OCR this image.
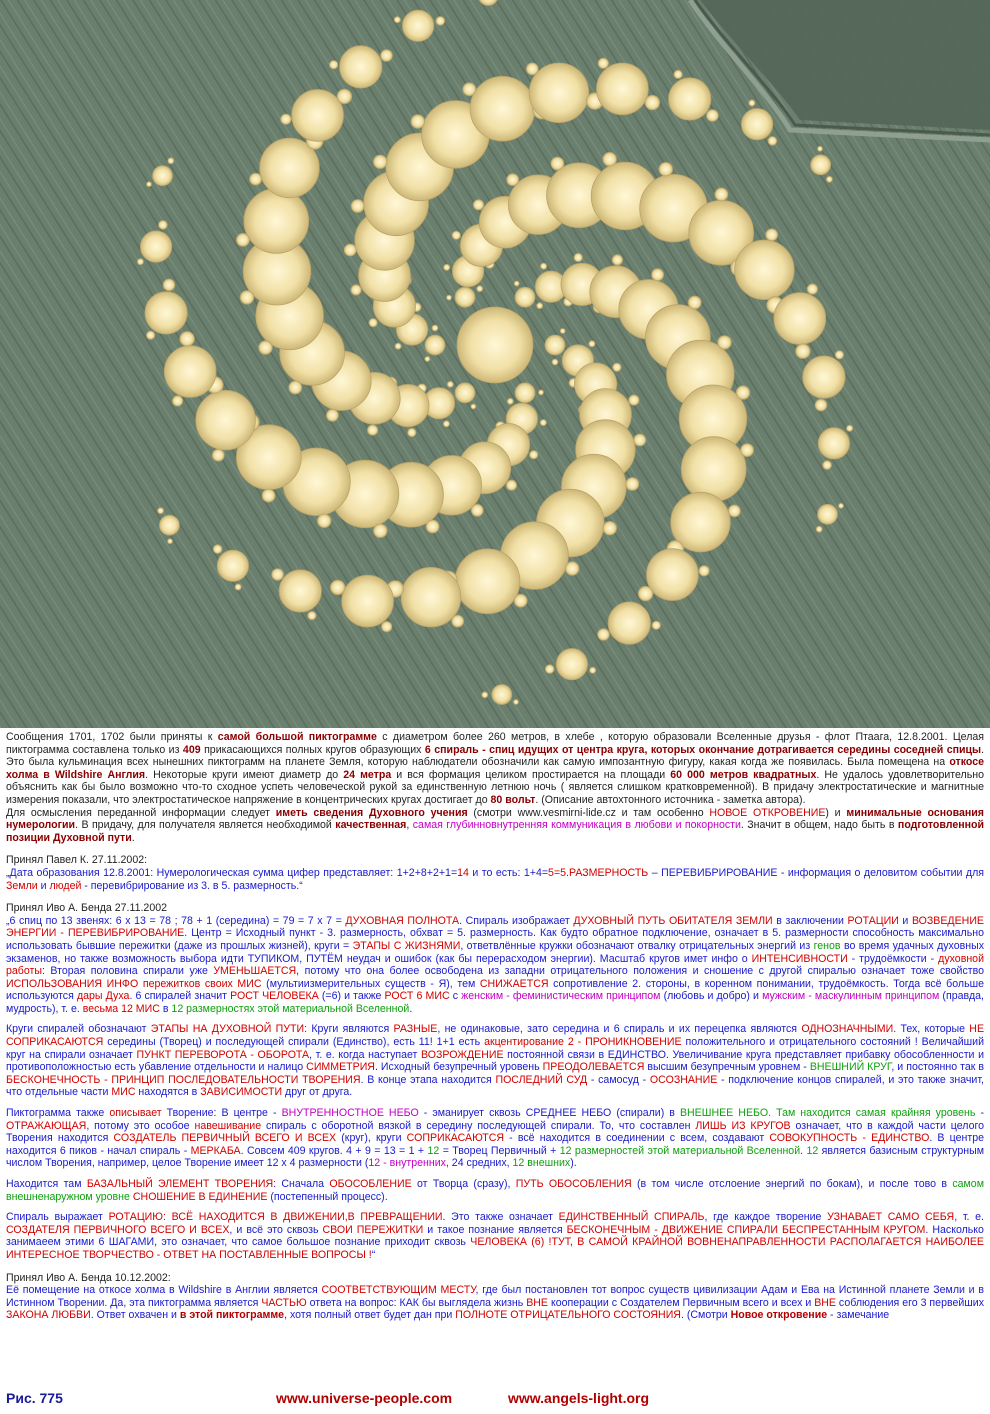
Сообщения 1701, 1702 были приняты к самой большой пиктограмме с диаметром более 260 метров, в хлебе , которую образовали Вселенные друзья - флот Птаага, 12.8.2001. Целая пиктограмма составлена только из 409 прикасающихся полных кругов образующих 6 спираль - спиц идущих от центра круга, которых окончание дотрагивается середины соседней спицы. Это была кульминация всех нынешних пиктограмм на планете Земля, которую наблюдатели обозначили как самую импозантную фигуру, какая когда же появилась. Была помещена на откосе холма в Wildshire Англия. Некоторые круги имеют диаметр до 24 метра и вся формация целиком простирается на площади 60 000 метров квадратных. Не удалось удовлетворительно объяснить как бы было возможно что-то сходное успеть человеческой рукой за единственную летнюю ночь ( является слишком кратковременной). В придачу электростатические и магнитные измерения показали, что электростатическое напряжение в концентрических кругах достигает до 80 вольт. (Описание автохтонного источника - заметка автора).

Для осмысления переданной информации следует иметь сведения Духовного учения (смотри www.vesmirni-lide.cz и там особенно НОВОЕ ОТКРОВЕНИЕ) и минимальные основания нумерологии. В придачу, для получателя является необходимой качественная, самая глубинновнутренняя коммуникация в любови и покорности. Значит в общем, надо быть в подготовленной позиции Духовной пути.

Принял Павел К. 27.11.2002:

„Дата образования 12.8.2001: Нумерологическая сумма цифер представляет: 1+2+8+2+1=14 и то есть: 1+4=5=5.РАЗМЕРНОСТЬ – ПЕРЕВИБРИРОВАНИЕ - информация о деловитом событии для Земли и людей - перевибрирование из 3. в 5. размерность.“

Принял Иво А. Бенда 27.11.2002

„6 спиц по 13 звенях: 6 x 13 = 78 ; 78 + 1 (середина) = 79 = 7 x 7 = ДУХОВНАЯ ПОЛНОТА. Спираль изображает ДУХОВНЫЙ ПУТЬ ОБИТАТЕЛЯ ЗЕМЛИ в заключении РОТАЦИИ и ВОЗВЕДЕНИЕ ЭНЕРГИИ - ПЕРЕВИБРИРОВАНИЕ. Центр = Исходный пункт - 3. размерность, обхват = 5. размерность. Как будто обратное подключение, означает в 5. размерности способность максимально использовать бывшие пережитки (даже из прошлых жизней), круги = ЭТАПЫ С ЖИЗНЯМИ, ответвлённые кружки обозначают отвалку отрицательных энергий из генов во время удачных духовных экзаменов, но также возможность выбора идти ТУПИКОМ, ПУТЁМ неудач и ошибок (как бы перерасходом энергии). Масштаб кругов имет инфо о ИНТЕНСИВНОСТИ - трудоёмкости - духовной работы: Вторая половина спирали уже УМЕНЬШАЕТСЯ, потому что она более освободена из западни отрицательного положения и сношение с другой спиралью означает тоже свойство ИСПОЛЬЗОВАНИЯ ИНФО пережитков своих МИС (мультиизмерительных существ - Я), тем СНИЖАЕТСЯ сопротивление 2. стороны, в коренном понимании, трудоёмкость. Тогда всё больше используются дары Духа. 6 спиралей значит РОСТ ЧЕЛОВЕКА (=6) и также РОСТ 6 МИС с женским - феминистическим принципом (любовь и добро) и мужским - маскулинным принципом (правда, мудрость), т. е. весьма 12 МИС в 12 размерностях этой материальной Вселенной.

Круги спиралей обозначают ЭТАПЫ НА ДУХОВНОЙ ПУТИ: Круги являются РАЗНЫЕ, не одинаковые, зато середина и 6 спираль и их перецепка являются ОДНОЗНАЧНЫМИ. Тех, которые НЕ СОПРИКАСАЮТСЯ середины (Творец) и последующей спирали (Единство), есть 11! 1+1 есть акцентирование 2 - ПРОНИКНОВЕНИЕ положительного и отрицательного состояний ! Величайший круг на спирали означает ПУНКТ ПЕРЕВОРОТА - ОБОРОТА, т. е. когда наступает ВОЗРОЖДЕНИЕ постоянной связи в ЕДИНСТВО. Увеличивание круга представляет прибавку обособленности и противоположностью есть убавление отдельности и налицо СИММЕТРИЯ. Исходный безупречный уровень ПРЕОДОЛЕВАЕТСЯ высшим безупречным уровнем - ВНЕШНИЙ КРУГ, и постоянно так в БЕСКОНЕЧНОСТЬ - ПРИНЦИП ПОСЛЕДОВАТЕЛЬНОСТИ ТВОРЕНИЯ. В конце этапа находится ПОСЛЕДНИЙ СУД - самосуд - ОСОЗНАНИЕ - подключение концов спиралей, и это также значит, что отдельные части МИС находятся в ЗАВИСИМОСТИ друг от друга.

Пиктограмма также описывает Творение: В центре - ВНУТРЕННОСТНОЕ НЕБО - эманирует сквозь СРЕДНЕЕ НЕБО (спирали) в ВНЕШНЕЕ НЕБО. Там находится самая крайняя уровень - ОТРАЖАЮЩАЯ, потому это особое навешивание спираль с оборотной вязкой в середину последующей спирали. То, что составлен ЛИШЬ ИЗ КРУГОВ означает, что в каждой части целого Творения находится СОЗДАТЕЛЬ ПЕРВИЧНЫЙ ВСЕГО И ВСЕХ (круг), круги СОПРИКАСАЮТСЯ - всё находится в соединении с всем, создавают СОВОКУПНОСТЬ - ЕДИНСТВО. В центре находится 6 пиков - начал спираль - МЕРКАБА. Совсем 409 кругов. 4 + 9 = 13 = 1 + 12 = Творец Первичный + 12 размерностей этой материальной Вселенной. 12 является базисным структурным числом Творения, например, целое Творение имеет 12 x 4 размерности (12 - внутренних, 24 средних, 12 внешних).

Находится там БАЗАЛЬНЫЙ ЭЛЕМЕНТ ТВОРЕНИЯ: Сначала ОБОСОБЛЕНИЕ от Творца (сразу), ПУТЬ ОБОСОБЛЕНИЯ (в том числе отслоение энергий по бокам), и после тово в самом внешненаружном уровне СНОШЕНИЕ В ЕДИНЕНИЕ (постепенный процесс).

Спираль выражает РОТАЦИЮ: ВСЁ НАХОДИТСЯ В ДВИЖЕНИИ,В ПРЕВРАЩЕНИИ. Это также означает ЕДИНСТВЕННЫЙ СПИРАЛЬ, где каждое творение УЗНАВАЕТ САМО СЕБЯ, т. е. СОЗДАТЕЛЯ ПЕРВИЧНОГО ВСЕГО И ВСЕХ, и всё это сквозь СВОИ ПЕРЕЖИТКИ и такое познание является БЕСКОНЕЧНЫМ - ДВИЖЕНИЕ СПИРАЛИ БЕСПРЕСТАННЫМ КРУГОМ. Насколько занимаеем этими 6 ШАГАМИ, это означает, что самое большое познание приходит сквозь ЧЕЛОВЕКА (6) !ТУТ, В САМОЙ КРАЙНОЙ ВОВНЕНАПРАВЛЕННОСТИ РАСПОЛАГАЕТСЯ НАИБОЛЕЕ ИНТЕРЕСНОЕ ТВОРЧЕСТВО - ОТВЕТ НА ПОСТАВЛЕННЫЕ ВОПРОСЫ !“

Принял Иво А. Бенда 10.12.2002:

Её помещение на откосе холма в Wildshire в Англии является СООТВЕТСТВУЮЩИМ МЕСТУ, где был постановлен тот вопрос существ цивилизации Адам и Ева на Истинной планете Земли и в Истинном Творении. Да, эта пиктограмма является ЧАСТЬЮ ответа на вопрос: КАК бы выглядела жизнь ВНЕ кооперации с Создателем Первичным всего и всех и ВНЕ соблюдения его 3 первейших ЗАКОНА ЛЮБВИ. Ответ охвачен и в этой пиктограмме, хотя полный ответ будет дан при ПОЛНОТЕ ОТРИЦАТЕЛЬНОГО СОСТОЯНИЯ. (Смотри Новое откровение - замечание

Рис. 775	www.universe-people.com	www.angels-light.org
